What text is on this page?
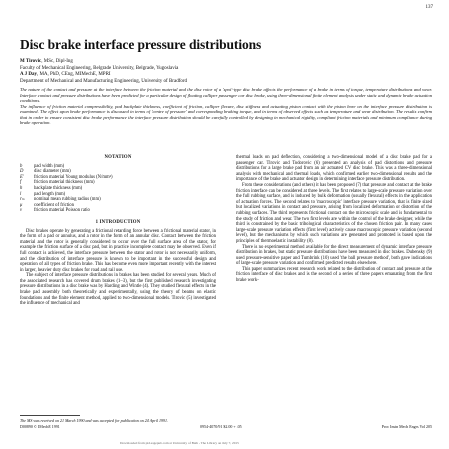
137
Disc brake interface pressure distributions
M Tirovic, MSc, Dipl-Ing
Faculty of Mechanical Engineering, Belgrade University, Belgrade, Yugoslavia
A J Day, MA, PhD, CEng, MIMechE, MPRI
Department of Mechanical and Manufacturing Engineering, University of Bradford

The nature of the contact and pressure at the interface between the friction material and the disc rotor of a 'spot'-type disc brake affects the performance of a brake in terms of torque, temperature distributions and wear. Interface contact and pressure distributions have been predicted for a particular design of floating calliper passenger car disc brake, using three-dimensional finite element analysis under static and dynamic brake actuation conditions.

The influence of friction material compressibility, pad backplate thickness, coefficient of friction, calliper flexure, disc stiffness and actuating piston contact with the piston bore on the interface pressure distribution is examined. The effect upon brake performance is discussed in terms of 'centre of pressure' and corresponding braking torque, and in terms of observed effects such as temperature and wear distribution. The results confirm that in order to ensure consistent disc brake performance the interface pressure distribution should be carefully controlled by designing in mechanical rigidity, compliant friction materials and minimum compliance during brake operation.

NOTATION
b	pad width (mm)
D	disc diameter (mm)
E'	friction material Young modulus (N/mm²)
f	friction material thickness (mm)
h	backplate thickness (mm)
l	pad length (mm)
rₘ	nominal mean rubbing radius (mm)
μ	coefficient of friction
ν	friction material Poisson ratio
1 INTRODUCTION

Disc brakes operate by generating a frictional retarding force between a frictional material stator, in the form of a pad or annulus, and a rotor in the form of an annular disc. Contact between the friction material and the rotor is generally considered to occur over the full surface area of the stator, for example the friction surface of a disc pad, but in practice incomplete contact may be observed. Even if full contact is achieved, the interface pressure between the stator and rotor is not necessarily uniform, and the distribution of interface pressure is known to be important in the successful design and operation of all types of friction brake. This has become even more important recently with the interest in larger, heavier duty disc brakes for road and rail use.

The subject of interface pressure distributions in brakes has been studied for several years. Much of the associated research has covered drum brakes (1–3), but the first published research investigating pressure distributions in a disc brake was by Harding and Wintle (4). They studied flexural effects in the brake pad assembly both theoretically and experimentally, using the theory of beams on elastic foundations and the finite element method, applied to two-dimensional models. Tirovic (5) investigated the influence of mechanical and

The MS was received on 21 March 1990 and was accepted for publication on 24 April 1991.

thermal loads on pad deflection, considering a two-dimensional model of a disc brake pad for a passenger car. Tirovic and Todorovic (6) presented an analysis of pad distortions and pressure distributions for a large brake pad from an air actuated CV disc brake. This was a three-dimensional analysis with mechanical and thermal loads, which confirmed earlier two-dimensional results and the importance of the brake and actuator design in determining interface pressure distribution.

From these considerations (and others) it has been proposed (7) that pressure and contact at the brake friction interface can be considered at three levels. The first relates to large-scale pressure variation over the full rubbing surface, and is induced by bulk deformation (usually flexural) effects in the application of actuation forces. The second relates to 'macroscopic' interface pressure variation, that is finite sized but localized variations in contact and pressure, arising from localized deformation or distortion of the rubbing surfaces. The third represents frictional contact on the microscopic scale and is fundamental to the study of friction and wear. The two first levels are within the control of the brake designer, while the third is constrained by the basic tribological characteristics of the chosen friction pair. In many cases large-scale pressure variation effects (first level) actively cause macroscopic pressure variation (second level), but the mechanisms by which such variations are generated and promoted is based upon the principles of thermoelastic instability (8).

There is no experimental method available for the direct measurement of dynamic interface pressure distribution in brakes, but static pressure distributions have been measured in disc brakes. Dubensky (9) used pressure-sensitive paper and Tumbrink (10) used 'the ball pressure method', both gave indications of large-scale pressure variation and confirmed predicted results elsewhere.

This paper summarizes recent research work related to the distribution of contact and pressure at the friction interface of disc brakes and is the second of a series of three papers emanating from the first brake work-

D00890 © IMechE 1991	0954-4070/91 $2.00 + .05	Proc Instn Mech Engrs Vol 205
Downloaded from pid.sagepub.com at University of Bath - The Library on July 7, 2015
